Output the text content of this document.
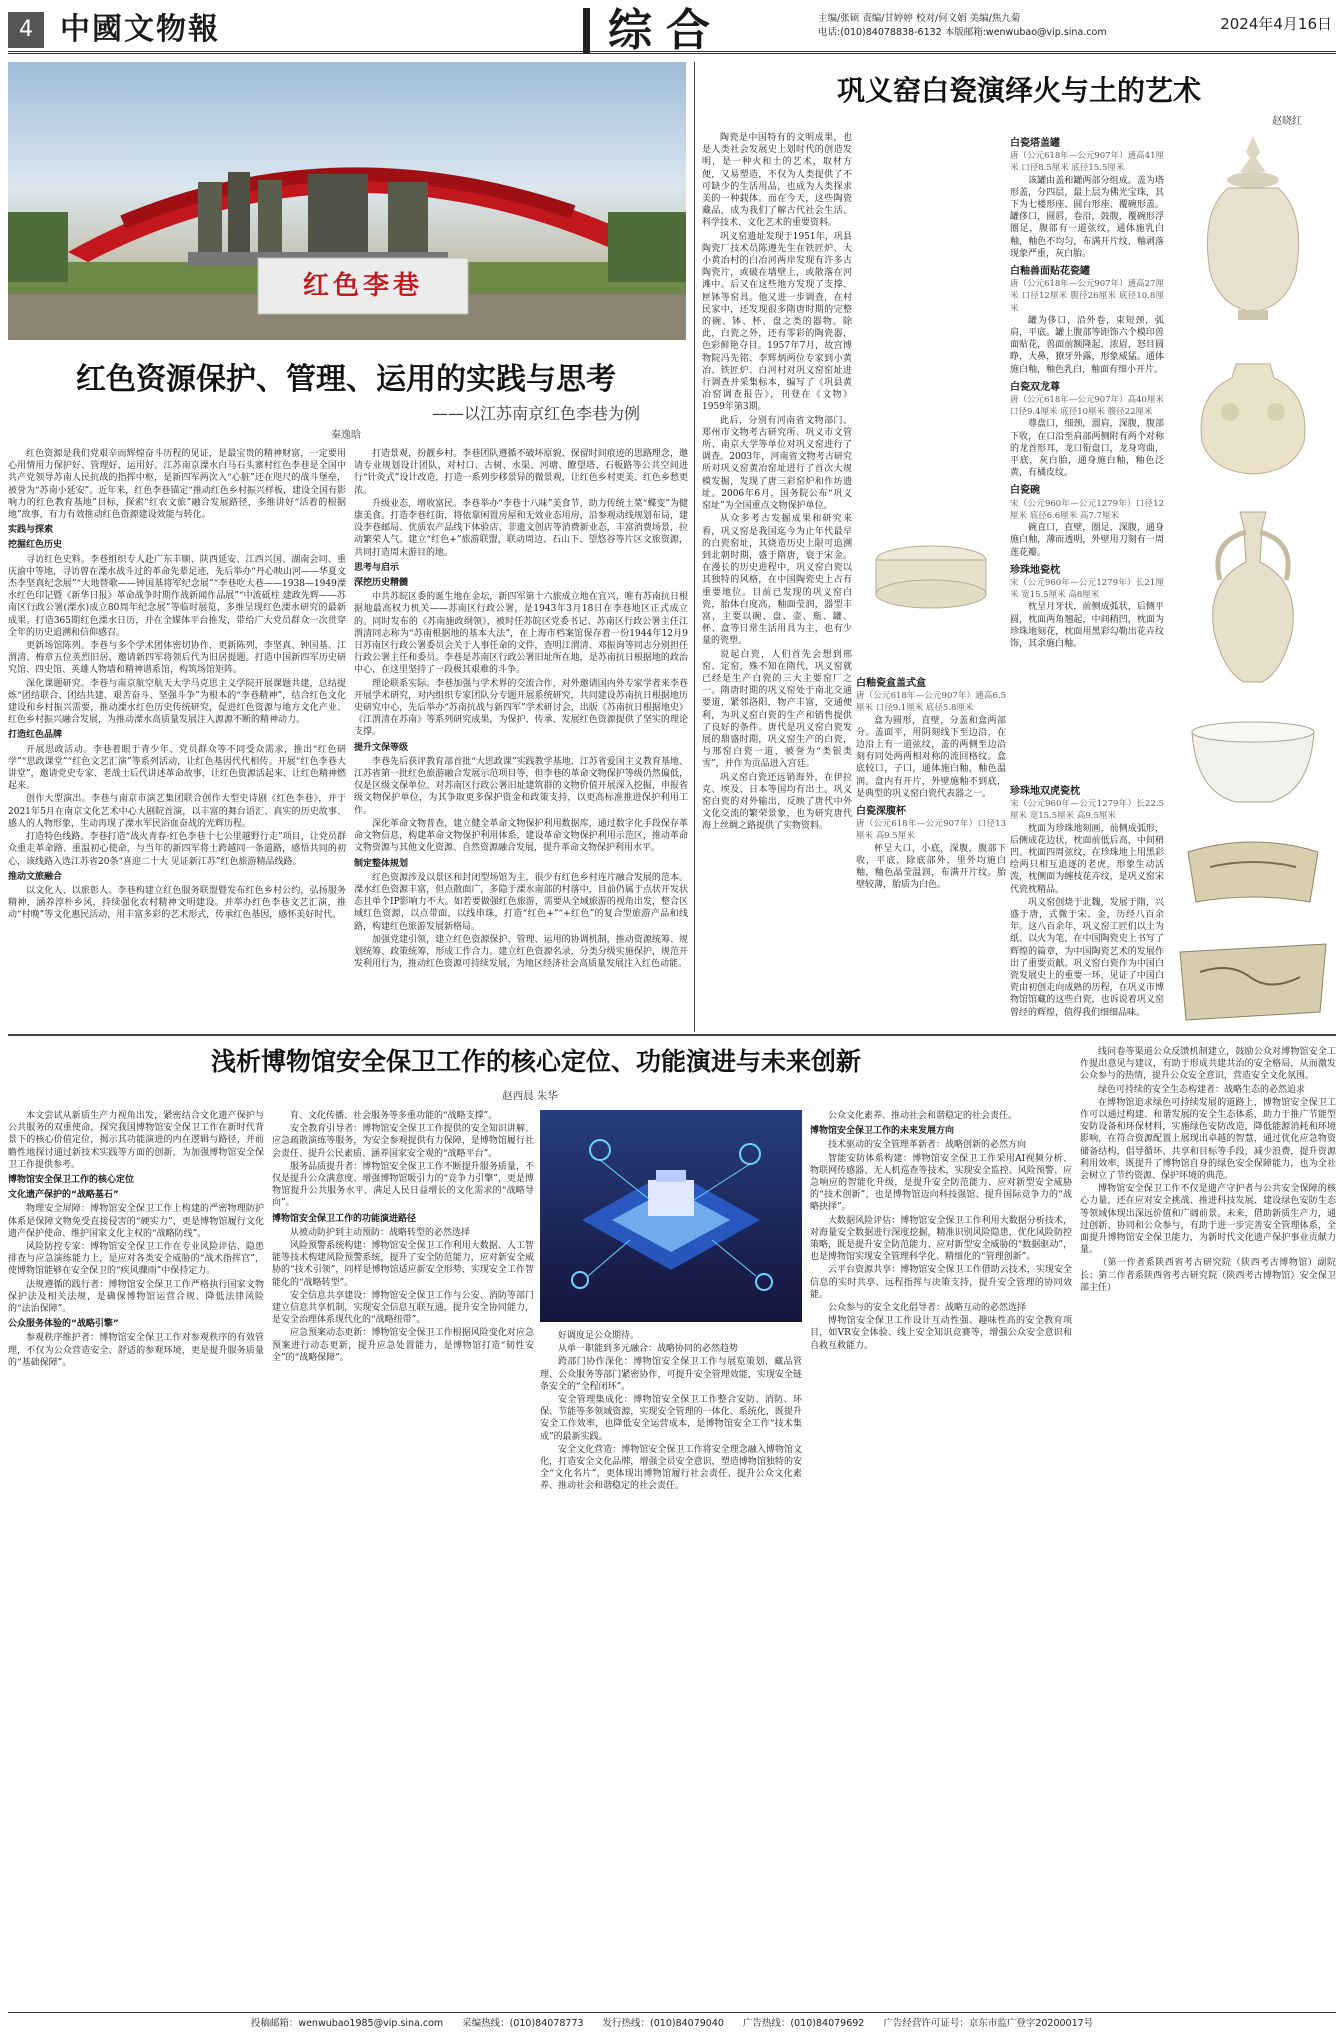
4 中國文物報	综合	主编/张硕 责编/甘婷婷 校对/何文娟 美编/焦九菊
电话:(010)84078838-6132 本版邮箱:wenwubao@vip.sina.com	2024年4月16日
红色李巷
红色资源保护、管理、运用的实践与思考
——以江苏南京红色李巷为例
秦逸晗

红色资源是我们党艰辛而辉煌奋斗历程的见证，是最宝贵的精神财富，一定要用心用情用力保护好、管理好、运用好。江苏南京溧水白马石头寨村红色李巷是全国中共产党领导苏南人民抗战的指挥中枢，是新四军两次入“心脏”还在咫尺的战斗堡垒，被誉为“苏南小延安”。近年来，红色李巷锚定“推动红色乡村振兴样板，建设全国有影响力的红色教育基地”目标，探索“红农文旅”融合发展路径，多维讲好“活着的根据地”故事，有力有效推动红色资源建设效能与转化。

实践与探索
挖掘红色历史

寻访红色史料。李巷组织专人赴广东丰顺、陕西延安、江西兴国、湖南会同、重庆渝中等地，寻访曾在溧水战斗过的革命先辈足迹，先后举办“丹心映山河——华夏文杰李坚真纪念展”“大地替歌——钟国基将军纪念展”“李巷吃大巷——1938—1949溧水红色印记暨《新华日报》革命战争时期作战新闻作品展”“中流砥柱 建政先辉——苏南区行政公署(溧水)成立80周年纪念展”等临时展览，多维呈现红色溧水研究的最新成果。打造365期红色溧水日历，并在全媒体平台推发，带给广大党员群众一次贯穿全年的历史追溯和信仰感召。

更新场馆陈列。李巷与多个学术团体密切协作，更新陈列，李坚真、钟国基、江渭清、梅章五位英烈旧居、邀请新四军将领后代为旧居提题。打造中国新四军历史研究馆、四史馆、英雄人物墙和精神谱系馆，构筑场馆矩阵。

深化课题研究。李巷与南京航空航天大学马克思主义学院开展课题共建，总结提炼“团结联合、团结共建、艰苦奋斗、坚强斗争”为根本的“李巷精神”，结合红色文化建设和乡村振兴需要，推动溧水红色历史传统研究，促进红色资源与地方文化产业、红色乡村振兴融合发展，为推动溧水高质量发展注入源源不断的精神动力。

打造红色品牌

开展思政活动。李巷着眼于青少年、党员群众等不同受众需求，推出“红色研学”“思政课堂”“红色文艺汇演”等系列活动，让红色基因代代相传。开展“红色李巷大讲堂”，邀请党史专家、老战士后代讲述革命故事，让红色资源活起来、让红色精神燃起来。

创作大型演出。李巷与南京市演艺集团联合创作大型史诗剧《红色李巷》，并于2021年5月在南京文化艺术中心大剧院首演，以丰富的舞台语汇、真实的历史故事、感人的人物形象，生动再现了溧水军民浴血奋战的光辉历程。

打造特色线路。李巷打造“战火青春·红色李巷十七公里越野行走”项目，让党员群众重走革命路、重温初心使命，与当年的新四军将士跨越同一条道路，感悟共同的初心，该线路入选江苏省20条“喜迎二十大 见证新江苏”红色旅游精品线路。

推动文旅融合

以文化人、以旅彰人。李巷构建立红色服务联盟暨发布红色乡村公约，弘扬服务精神，涵养淳朴乡风，持续强化农村精神文明建设。并举办红色李巷文艺汇演，推动“村晚”等文化惠民活动，用丰富多彩的艺术形式，传承红色基因，感怀美好时代。

打造景观，扮靓乡村。李巷团队遵循不破坏原貌、保留时间痕迹的思路理念，邀请专业规划设计团队，对村口、古树、水渠、河塘、瞭望塔、石板路等公共空间进行“针灸式”设计改造，打造一系列步移景异的微景观，让红色乡村更美、红色乡愁更浓。

升级业态，增收富民。李巷举办“李巷十八味”美食节，助力传统土菜“蝶变”为健康美食。打造李巷红街，将依靠闲置房屋和无效业态用房，沿参观动线规划布局，建设李巷邮局、优质农产品线下体验店、非遗文创店等消费新业态，丰富消费场景，拉动繁荣人气。建立“红色+”旅游联盟，联动周边、石山下、望悠谷等片区文旅资源，共同打造周末游目的地。

思考与启示
深挖历史精髓

中共苏皖区委的诞生地在金坛，新四军第十六旅成立地在宜兴，唯有苏南抗日根据地最高权力机关——苏南区行政公署，是1943年3月18日在李巷地区正式成立的。同时发布的《苏南施政纲领》，被时任苏皖区党委书记、苏南区行政公署主任江渭清同志称为“苏南根据地的基本大法”，在上海市档案馆保存着一份1944年12月9日苏南区行政公署委员会关于人事任命的文件，查明江渭清、邓振询等同志分别担任行政公署主任和委员。李巷是苏南区行政公署旧址所在地，是苏南抗日根据地的政治中心，在这里坚持了一段极其艰难的斗争。

理论联系实际。李巷加强与学术界的交流合作，对外邀请国内外专家学者来李巷开展学术研究，对内组织专家团队分专题开展系统研究，共同建设苏南抗日根据地历史研究中心，先后举办“苏南抗战与新四军”学术研讨会，出版《苏南抗日根据地史》《江渭清在苏南》等系列研究成果，为保护、传承、发展红色资源提供了坚实的理论支撑。

提升文保等级

李巷先后获评教育部首批“大思政课”实践教学基地、江苏省爱国主义教育基地、江苏省第一批红色旅游融合发展示范项目等，但李巷的革命文物保护等级仍然偏低，仅是区级文保单位。对苏南区行政公署旧址建筑群的文物价值开展深入挖掘，申报省级文物保护单位，为其争取更多保护资金和政策支持，以更高标准推进保护利用工作。

深化革命文物普查，建立健全革命文物保护利用数据库，通过数字化手段保存革命文物信息，构建革命文物保护利用体系，建设革命文物保护利用示范区，推动革命文物资源与其他文化资源、自然资源融合发展，提升革命文物保护利用水平。

制定整体规划

红色资源涉及以景区和封闭型场馆为主，很少有红色乡村连片融合发展的范本。溧水红色资源丰富，但点散面广，多隐于溧水南部的村落中，目前仍属于点状开发状态且单个IP影响力不大。如若要做强红色旅游，需要从全域旅游的视角出发，整合区域红色资源，以点带面，以线串珠，打造“红色+”“+红色”的复合型旅游产品和线路，构建红色旅游发展新格局。

加强党建引领，建立红色资源保护、管理、运用的协调机制，推动资源统筹、规划统筹、政策统筹，形成工作合力。建立红色资源名录，分类分级实施保护，规范开发利用行为，推动红色资源可持续发展，为地区经济社会高质量发展注入红色动能。

巩义窑白瓷演绎火与土的艺术
赵晓红

陶瓷是中国特有的文明成果，也是人类社会发展史上划时代的创造发明，是一种火和土的艺术，取材方便，又易塑造，不仅为人类提供了不可缺少的生活用品，也成为人类探求美的一种载体。而在今天，这些陶瓷藏品，成为我们了解古代社会生活、科学技术、文化艺术的重要资料。

巩义窑遗址发现于1951年，巩县陶瓷厂技术员陈遵先生在铁匠炉、大小黄冶村的白冶河两岸发现有许多古陶瓷片，或破在墙壁上，或散落在河滩中。后又在这些地方发现了支撑、匣钵等窑具。他又进一步调查，在村民家中，还发现很多隋唐时期的完整的碗、钵、杯、盘之类的器物。除此，白瓷之外，还有零彩的陶瓷器，色彩鲜艳夺目。1957年7月，故宫博物院冯先铭、李辉炳两位专家到小黄冶、铁匠炉、白河村对巩义窑窑址进行调查并采集标本，编写了《巩县黄冶窑调查报告》，刊登在《文物》1959年第3期。

此后，分别有河南省文物部门、郑州市文物考古研究所、巩义市文管所、南京大学等单位对巩义窑进行了调查。2003年，河南省文物考古研究所对巩义窑黄冶窑址进行了首次大规模发掘，发现了唐三彩窑炉和作坊遗址。2006年6月，国务院公布“巩义窑址”为全国重点文物保护单位。

从众多考古发掘成果和研究来看，巩义窑是我国迄今为止年代最早的白瓷窑址，其烧造历史上限可追溯到北朝时期，盛于隋唐，衰于宋金。在漫长的历史进程中，巩义窑白瓷以其独特的风格，在中国陶瓷史上占有重要地位。目前已发现的巩义窑白瓷，胎体白度高，釉面莹润，器型丰富，主要以碗、盘、壶、瓶、罐、杯、盒等日常生活用具为主，也有少量的瓷塑。

说起白瓷，人们首先会想到邢窑、定窑，殊不知在隋代，巩义窑就已经是生产白瓷的三大主要窑厂之一。隋唐时期的巩义窑处于南北交通要道，紧邻洛阳，物产丰富，交通便利，为巩义窑白瓷的生产和销售提供了良好的条件。唐代是巩义窑白瓷发展的鼎盛时期，巩义窑生产的白瓷，与邢窑白瓷一道，被誉为“类银类雪”，并作为贡品进入宫廷。

巩义窑白瓷还远销海外，在伊拉克、埃及、日本等国均有出土。巩义窑白瓷的对外输出，反映了唐代中外文化交流的繁荣景象，也为研究唐代海上丝绸之路提供了实物资料。

白瓷塔盖罐
唐（公元618年—公元907年）通高41厘米 口径8.5厘米 底径15.5厘米

该罐由盖和罐两部分组成。盖为塔形盖，分四层，最上层为佛光宝珠，其下为七楼形座、圆台形座、覆碗形盖。罐侈口，圆唇，卷沿，鼓腹，覆碗形浮圈足，腹部有一道弦纹，通体施乳白釉，釉色不均匀，布满开片纹，釉剥落现象严重，灰白胎。

白釉兽面贴花瓷罐
唐（公元618年—公元907年）通高27厘米 口径12厘米 腹径26厘米 底径10.8厘米

罐为侈口，沿外卷，束短颈，弧肩，平底。罐上腹部等距饰六个模印兽面贴花，兽面前额隆起，浓眉，怒目圆睁，大鼻，獠牙外露，形象威猛。通体施白釉，釉色乳白，釉面有细小开片。

白瓷双龙尊
唐（公元618年—公元907年）高40厘米 口径9.4厘米 底径10厘米 腹径22厘米

尊盘口，细颈，溜肩，深腹，腹部下收，在口沿至肩部两侧附有两个对称的龙首形耳，龙口衔盘口，龙身弯曲，平底，灰白胎，通身施白釉，釉色泛黄，有橘皮纹。

白瓷碗
宋（公元960年—公元1279年）口径12厘米 底径6.6厘米 高7.7厘米

碗直口，直壁，圈足，深腹，通身施白釉，薄而透明，外壁用刀刻有一周莲花瓣。

珍珠地瓷枕
宋（公元960年—公元1279年）长21厘米 宽15.5厘米 高8厘米

枕呈月牙状，前侧成弧状，后侧平圆，枕面两角翘起，中间稍凹，枕面为珍珠地刻花，枕面用黑彩勾勒出花卉纹饰，其余施白釉。

白釉瓷盒盖式盒
唐（公元618年—公元907年）通高6.5厘米 口径9.1厘米 底径5.8厘米

盒为圆形，直壁，分盖和盒两部分。盖面平，用阴刻线下至边沿，在边沿上有一道弦纹，盖的两侧至边沿刻有同处两两相对称的流回格纹。盒底较口，子口，通体施白釉，釉色温润。盒内有开片，外壁施釉不到底，是典型的巩义窑白瓷代表器之一。

白瓷深腹杯
唐（公元618年—公元907年）口径13厘米 高9.5厘米

杯呈大口，小底，深腹，腹部下收，平底，除底部外，里外均施白釉，釉色晶莹温润，布满开片纹。胎壁较薄，胎质为白色。

珍珠地双虎瓷枕
宋（公元960年—公元1279年）长22.5厘米 宽15.5厘米 高9.5厘米

枕面为珍珠地刻画，前侧成弧形，后侧成花边状，枕面前低后高，中间稍凹。枕面四周弦纹，在珍珠地上用黑彩绘两只相互追逐的老虎，形象生动活泼，枕侧面为缠枝花卉纹，是巩义窑宋代瓷枕精品。

巩义窑创烧于北魏，发展于隋，兴盛于唐，式微于宋、金，历经八百余年。这八百余年，巩义窑工匠们以土为纸、以火为笔，在中国陶瓷史上书写了辉煌的篇章，为中国陶瓷艺术的发展作出了重要贡献。巩义窑白瓷作为中国白瓷发展史上的重要一环，见证了中国白瓷由初创走向成熟的历程，在巩义市博物馆馆藏的这些白瓷，也诉说着巩义窑曾经的辉煌，值得我们细细品味。

浅析博物馆安全保卫工作的核心定位、功能演进与未来创新
赵西晨 朱华

本文尝试从新质生产力视角出发，紧密结合文化遗产保护与公共服务的双重使命，探究我国博物馆安全保卫工作在新时代背景下的核心价值定位，揭示其功能演进的内在逻辑与路径，并前瞻性地探讨通过新技术实践等方面的创新，为加强博物馆安全保卫工作提供参考。

博物馆安全保卫工作的核心定位
文化遗产保护的“战略基石”

物理安全屏障：博物馆安全保卫工作上构建的严密物理防护体系是保障文物免受直接侵害的“硬实力”，更是博物馆履行文化遗产保护使命、维护国家文化主权的“战略防线”。

风险防控专家：博物馆安全保卫工作在专业风险评估、隐患排查与应急演练能力上，是应对各类安全威胁的“战术指挥官”，使博物馆能够在安全保卫的“疾风骤雨”中保持定力。

法规遵循的践行者：博物馆安全保卫工作严格执行国家文物保护法及相关法规，是确保博物馆运营合规、降低法律风险的“法治保障”。

公众服务体验的“战略引擎”

参观秩序维护者：博物馆安全保卫工作对参观秩序的有效管理，不仅为公众营造安全、舒适的参观环境，更是提升服务质量的“基础保障”。

育、文化传播、社会服务等多重功能的“战略支撑”。

安全教育引导者：博物馆安全保卫工作提供的安全知识讲解、应急疏散演练等服务，为安全参观提供有力保障，是博物馆履行社会责任、提升公民素质、涵养国家安全观的“战略平台”。

服务品质提升者：博物馆安全保卫工作不断提升服务质量，不仅是提升公众满意度、增强博物馆吸引力的“竞争力引擎”，更是博物馆提升公共服务水平、满足人民日益增长的文化需求的“战略导向”。

博物馆安全保卫工作的功能演进路径

从被动防护到主动预防：战略转型的必然选择

风险预警系统构建：博物馆安全保卫工作利用大数据、人工智能等技术构建风险预警系统，提升了安全防范能力，应对新安全威胁的“技术引领”，同样是博物馆适应新安全形势、实现安全工作智能化的“战略转型”。

安全信息共享建设：博物馆安全保卫工作与公安、消防等部门建立信息共享机制，实现安全信息互联互通，提升安全协同能力，是安全治理体系现代化的“战略纽带”。

应急预案动态更新：博物馆安全保卫工作根据风险变化对应急预案进行动态更新，提升应急处置能力，是博物馆打造“韧性安全”的“战略保障”。

好调度足公众期待。

从单一职能到多元融合：战略协同的必然趋势

跨部门协作深化：博物馆安全保卫工作与展览策划、藏品管理、公众服务等部门紧密协作，可提升安全管理效能，实现安全链条安全的“全程闭环”。

安全管理集成化：博物馆安全保卫工作整合安防、消防、环保、节能等多领域资源，实现安全管理的一体化、系统化，既提升安全工作效率，也降低安全运营成本，是博物馆安全工作“技术集成”的最新实践。

安全文化营造：博物馆安全保卫工作将安全理念融入博物馆文化，打造安全文化品牌，增强全员安全意识，塑造博物馆独特的安全“文化名片”，更体现出博物馆履行社会责任、提升公众文化素养、推动社会和谐稳定的社会责任。

公众文化素养、推动社会和谐稳定的社会责任。

博物馆安全保卫工作的未来发展方向

技术驱动的安全管理革新者：战略创新的必然方向

智能安防体系构建：博物馆安全保卫工作采用AI视频分析、物联网传感器、无人机巡查等技术，实现安全监控、风险预警、应急响应的智能化升级，是提升安全防范能力、应对新型安全威胁的“技术创新”，也是博物馆迈向科技强馆、提升国际竞争力的“战略抉择”。

大数据风险评估：博物馆安全保卫工作利用大数据分析技术，对海量安全数据进行深度挖掘，精准识别风险隐患，优化风险防控策略，既是提升安全防范能力、应对新型安全威胁的“数据驱动”，也是博物馆实现安全管理科学化、精细化的“管理创新”。

云平台资源共享：博物馆安全保卫工作借助云技术，实现安全信息的实时共享、远程指挥与决策支持，提升安全管理的协同效能。

公众参与的安全文化倡导者：战略互动的必然选择

博物馆安全保卫工作设计互动性强、趣味性高的安全教育项目，如VR安全体验、线上安全知识竞赛等，增强公众安全意识和自救互救能力。

线问卷等渠道公众反馈机制建立，鼓励公众对博物馆安全工作提出意见与建议，有助于形成共建共治的安全格局，从而激发公众参与的热情，提升公众安全意识，营造安全文化氛围。

绿色可持续的安全生态构建者：战略生态的必然追求

在博物馆追求绿色可持续发展的道路上，博物馆安全保卫工作可以通过构建、和谐发展的安全生态体系，助力于推广节能型安防设备和环保材料，实施绿色安防改造，降低能源消耗和环境影响，在符合资源配置上展现出卓越的智慧，通过优化应急物资储备结构，倡导循环、共享和目标等手段，减少浪费，提升资源利用效率，既提升了博物馆自身的绿色安全保障能力，也为全社会树立了节约资源、保护环境的典范。

博物馆安全保卫工作不仅是遗产守护者与公共安全保障的核心力量，还在应对安全挑战、推进科技发展、建设绿色安防生态等领域体现出深远价值和广阔前景。未来，借助新质生产力，通过创新、协同和公众参与，有助于进一步完善安全管理体系，全面提升博物馆安全保卫能力，为新时代文化遗产保护事业贡献力量。

（第一作者系陕西省考古研究院（陕西考古博物馆）副院长；第二作者系陕西省考古研究院（陕西考古博物馆）安全保卫部主任）

投稿邮箱：wenwubao1985@vip.sina.com　　采编热线：(010)84078773　　发行热线：(010)84079040　　广告热线：(010)84079692　　广告经营许可证号：京东市监广登字20200017号
